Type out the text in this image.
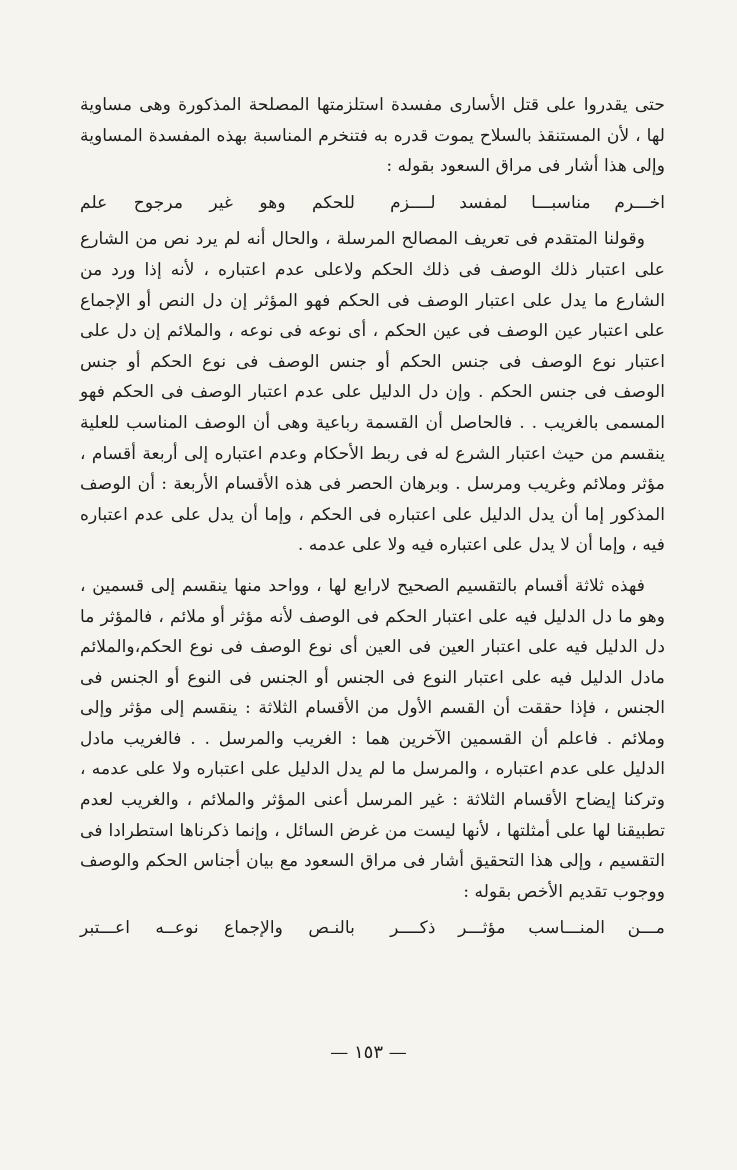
حتى يقدروا على قتل الأسارى مفسدة استلزمتها المصلحة المذكورة وهى مساوية لها ، لأن المستنقذ بالسلاح يموت قدره به فتنخرم المناسبة بهذه المفسدة المساوية وإلى هذا أشار فى مراق السعود بقوله :

اخـــرم مناسبـــا لمفسد لــــزم
للحكم وهو غير مرجوح علم

وقولنا المتقدم فى تعريف المصالح المرسلة ، والحال أنه لم يرد نص من الشارع على اعتبار ذلك الوصف فى ذلك الحكم ولاعلى عدم اعتباره ، لأنه إذا ورد من الشارع ما يدل على اعتبار الوصف فى الحكم فهو المؤثر إن دل النص أو الإجماع على اعتبار عين الوصف فى عين الحكم ، أى نوعه فى نوعه ، والملائم إن دل على اعتبار نوع الوصف فى جنس الحكم أو جنس الوصف فى نوع الحكم أو جنس الوصف فى جنس الحكم . وإن دل الدليل على عدم اعتبار الوصف فى الحكم فهو المسمى بالغريب . . فالحاصل أن القسمة رباعية وهى أن الوصف المناسب للعلية ينقسم من حيث اعتبار الشرع له فى ربط الأحكام وعدم اعتباره إلى أربعة أقسام ، مؤثر وملائم وغريب ومرسل . وبرهان الحصر فى هذه الأقسام الأربعة : أن الوصف المذكور إما أن يدل الدليل على اعتباره فى الحكم ، وإما أن يدل على عدم اعتباره فيه ، وإما أن لا يدل على اعتباره فيه ولا على عدمه .

فهذه ثلاثة أقسام بالتقسيم الصحيح لارابع لها ، وواحد منها ينقسم إلى قسمين ، وهو ما دل الدليل فيه على اعتبار الحكم فى الوصف لأنه مؤثر أو ملائم ، فالمؤثر ما دل الدليل فيه على اعتبار العين فى العين أى نوع الوصف فى نوع الحكم،والملائم مادل الدليل فيه على اعتبار النوع فى الجنس أو الجنس فى النوع أو الجنس فى الجنس ، فإذا حققت أن القسم الأول من الأقسام الثلاثة : ينقسم إلى مؤثر وإلى وملائم . فاعلم أن القسمين الآخرين هما : الغريب والمرسل . . فالغريب مادل الدليل على عدم اعتباره ، والمرسل ما لم يدل الدليل على اعتباره ولا على عدمه ، وتركنا إيضاح الأقسام الثلاثة : غير المرسل أعنى المؤثر والملائم ، والغريب لعدم تطبيقنا لها على أمثلتها ، لأنها ليست من غرض السائل ، وإنما ذكرناها استطرادا فى التقسيم ، وإلى هذا التحقيق أشار فى مراق السعود مع بيان أجناس الحكم والوصف ووجوب تقديم الأخص بقوله :

مـــن المنـــاسب مؤثـــر ذكــــر
بالنـص والإجماع نوعــه اعـــتبر
— ١٥٣ —
